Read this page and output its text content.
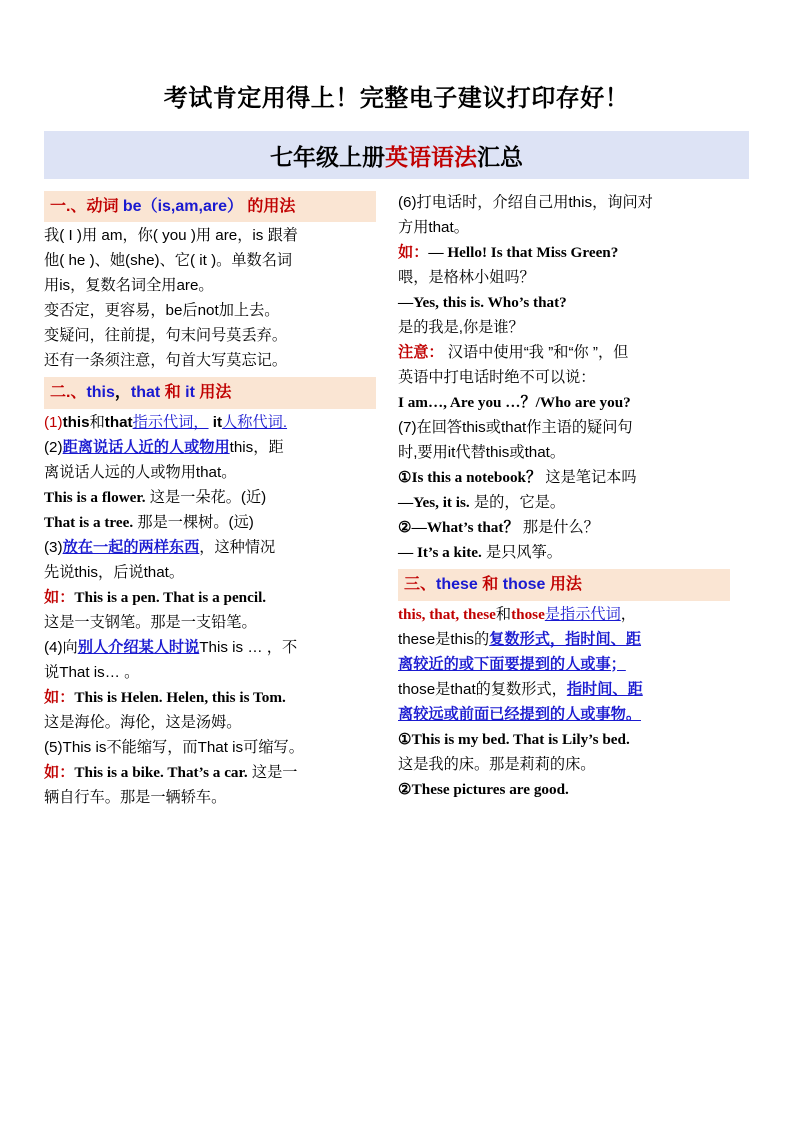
考试肯定用得上！完整电子建议打印存好！
七年级上册英语语法汇总
一.、动词 be（is,am,are） 的用法

我( I )用 am，你( you )用 are，is 跟着

他( he )、她(she)、它( it )。单数名词

用is，复数名词全用are。

变否定，更容易，be后not加上去。

变疑问，往前提，句末问号莫丢弃。

还有一条须注意，句首大写莫忘记。

二.、this，that 和 it 用法

(1)this和that指示代词， it人称代词.

(2)距离说话人近的人或物用this，距

离说话人远的人或物用that。

This is a flower. 这是一朵花。(近)

That is a tree. 那是一棵树。(远)

(3)放在一起的两样东西，这种情况

先说this，后说that。

如：This is a pen. That is a pencil.

这是一支钢笔。那是一支铅笔。

(4)向别人介绍某人时说This is … ，不

说That is… 。

如：This is Helen. Helen, this is Tom.

这是海伦。海伦，这是汤姆。

(5)This is不能缩写，而That is可缩写。

如：This is a bike. That’s a car. 这是一

辆自行车。那是一辆轿车。

(6)打电话时，介绍自己用this，询问对

方用that。

如：— Hello! Is that Miss Green?

喂，是格林小姐吗？

—Yes, this is. Who’s that?

是的我是,你是谁？

注意： 汉语中使用“我 ”和“你 ”，但

英语中打电话时绝不可以说：

I am…, Are you …？/Who are you?

(7)在回答this或that作主语的疑问句

时,要用it代替this或that。

①Is this a notebook？ 这是笔记本吗

—Yes, it is. 是的，它是。

②—What’s that？ 那是什么？

— It’s a kite. 是只风筝。

三、these 和 those 用法

this, that, these和those是指示代词，

these是this的复数形式，指时间、距

离较近的或下面要提到的人或事；

those是that的复数形式，指时间、距

离较远或前面已经提到的人或事物。

①This is my bed. That is Lily’s bed.

这是我的床。那是莉莉的床。

②These pictures are good.
